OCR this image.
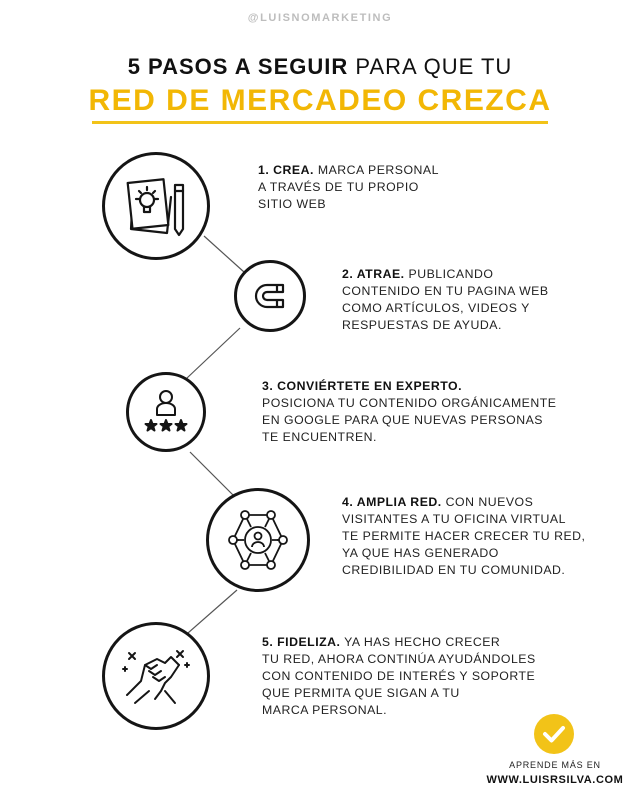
@LUISNOMARKETING
5 PASOS A SEGUIR PARA QUE TU
RED DE MERCADEO CREZCA
1. CREA. MARCA PERSONAL
A TRAVÉS DE TU PROPIO
SITIO WEB
2. ATRAE. PUBLICANDO
CONTENIDO EN TU PAGINA WEB
COMO ARTÍCULOS, VIDEOS Y
RESPUESTAS DE AYUDA.
3. CONVIÉRTETE EN EXPERTO.
POSICIONA TU CONTENIDO ORGÁNICAMENTE
EN GOOGLE PARA QUE NUEVAS PERSONAS
TE ENCUENTREN.
4. AMPLIA RED. CON NUEVOS
VISITANTES A TU OFICINA VIRTUAL
TE PERMITE HACER CRECER TU RED,
YA QUE HAS GENERADO
CREDIBILIDAD EN TU COMUNIDAD.
5. FIDELIZA. YA HAS HECHO CRECER
TU RED, AHORA CONTINÚA AYUDÁNDOLES
CON CONTENIDO DE INTERÉS Y SOPORTE
QUE PERMITA QUE SIGAN A TU
MARCA PERSONAL.
APRENDE MÁS EN
WWW.LUISRSILVA.COM
